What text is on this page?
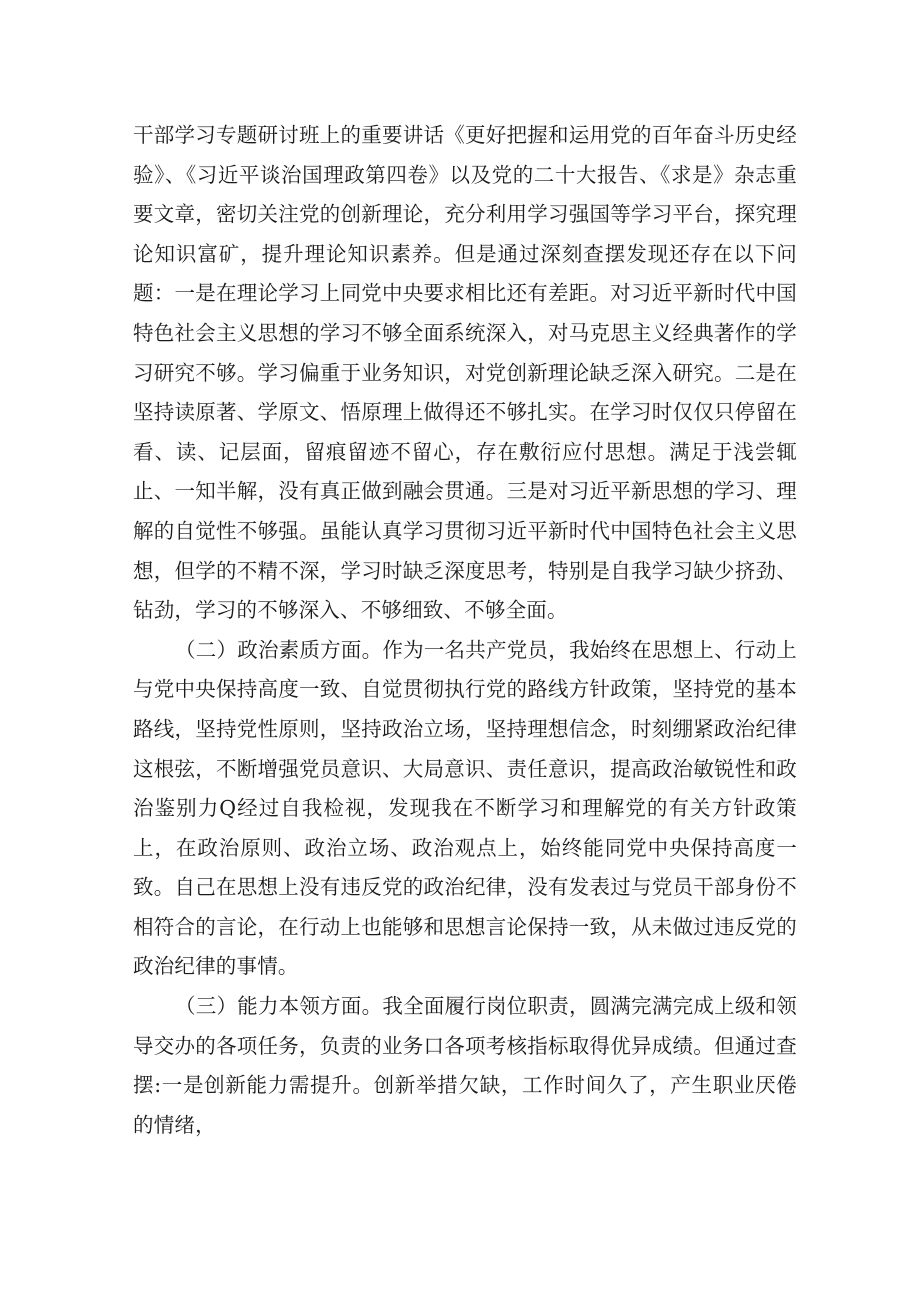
干部学习专题研讨班上的重要讲话《更好把握和运用党的百年奋斗历史经验》、《习近平谈治国理政第四卷》以及党的二十大报告、《求是》杂志重要文章，密切关注党的创新理论，充分利用学习强国等学习平台，探究理论知识富矿，提升理论知识素养。但是通过深刻查摆发现还存在以下问题：一是在理论学习上同党中央要求相比还有差距。对习近平新时代中国特色社会主义思想的学习不够全面系统深入，对马克思主义经典著作的学习研究不够。学习偏重于业务知识，对党创新理论缺乏深入研究。二是在坚持读原著、学原文、悟原理上做得还不够扎实。在学习时仅仅只停留在看、读、记层面，留痕留迹不留心，存在敷衍应付思想。满足于浅尝辄止、一知半解，没有真正做到融会贯通。三是对习近平新思想的学习、理解的自觉性不够强。虽能认真学习贯彻习近平新时代中国特色社会主义思想，但学的不精不深，学习时缺乏深度思考，特别是自我学习缺少挤劲、钻劲，学习的不够深入、不够细致、不够全面。

（二）政治素质方面。作为一名共产党员，我始终在思想上、行动上与党中央保持高度一致、自觉贯彻执行党的路线方针政策，坚持党的基本路线，坚持党性原则，坚持政治立场，坚持理想信念，时刻绷紧政治纪律这根弦，不断增强党员意识、大局意识、责任意识，提高政治敏锐性和政治鉴别力Q经过自我检视，发现我在不断学习和理解党的有关方针政策上，在政治原则、政治立场、政治观点上，始终能同党中央保持高度一致。自己在思想上没有违反党的政治纪律，没有发表过与党员干部身份不相符合的言论，在行动上也能够和思想言论保持一致，从未做过违反党的政治纪律的事情。

（三）能力本领方面。我全面履行岗位职责，圆满完满完成上级和领导交办的各项任务，负责的业务口各项考核指标取得优异成绩。但通过查摆:一是创新能力需提升。创新举措欠缺，工作时间久了，产生职业厌倦的情绪，
